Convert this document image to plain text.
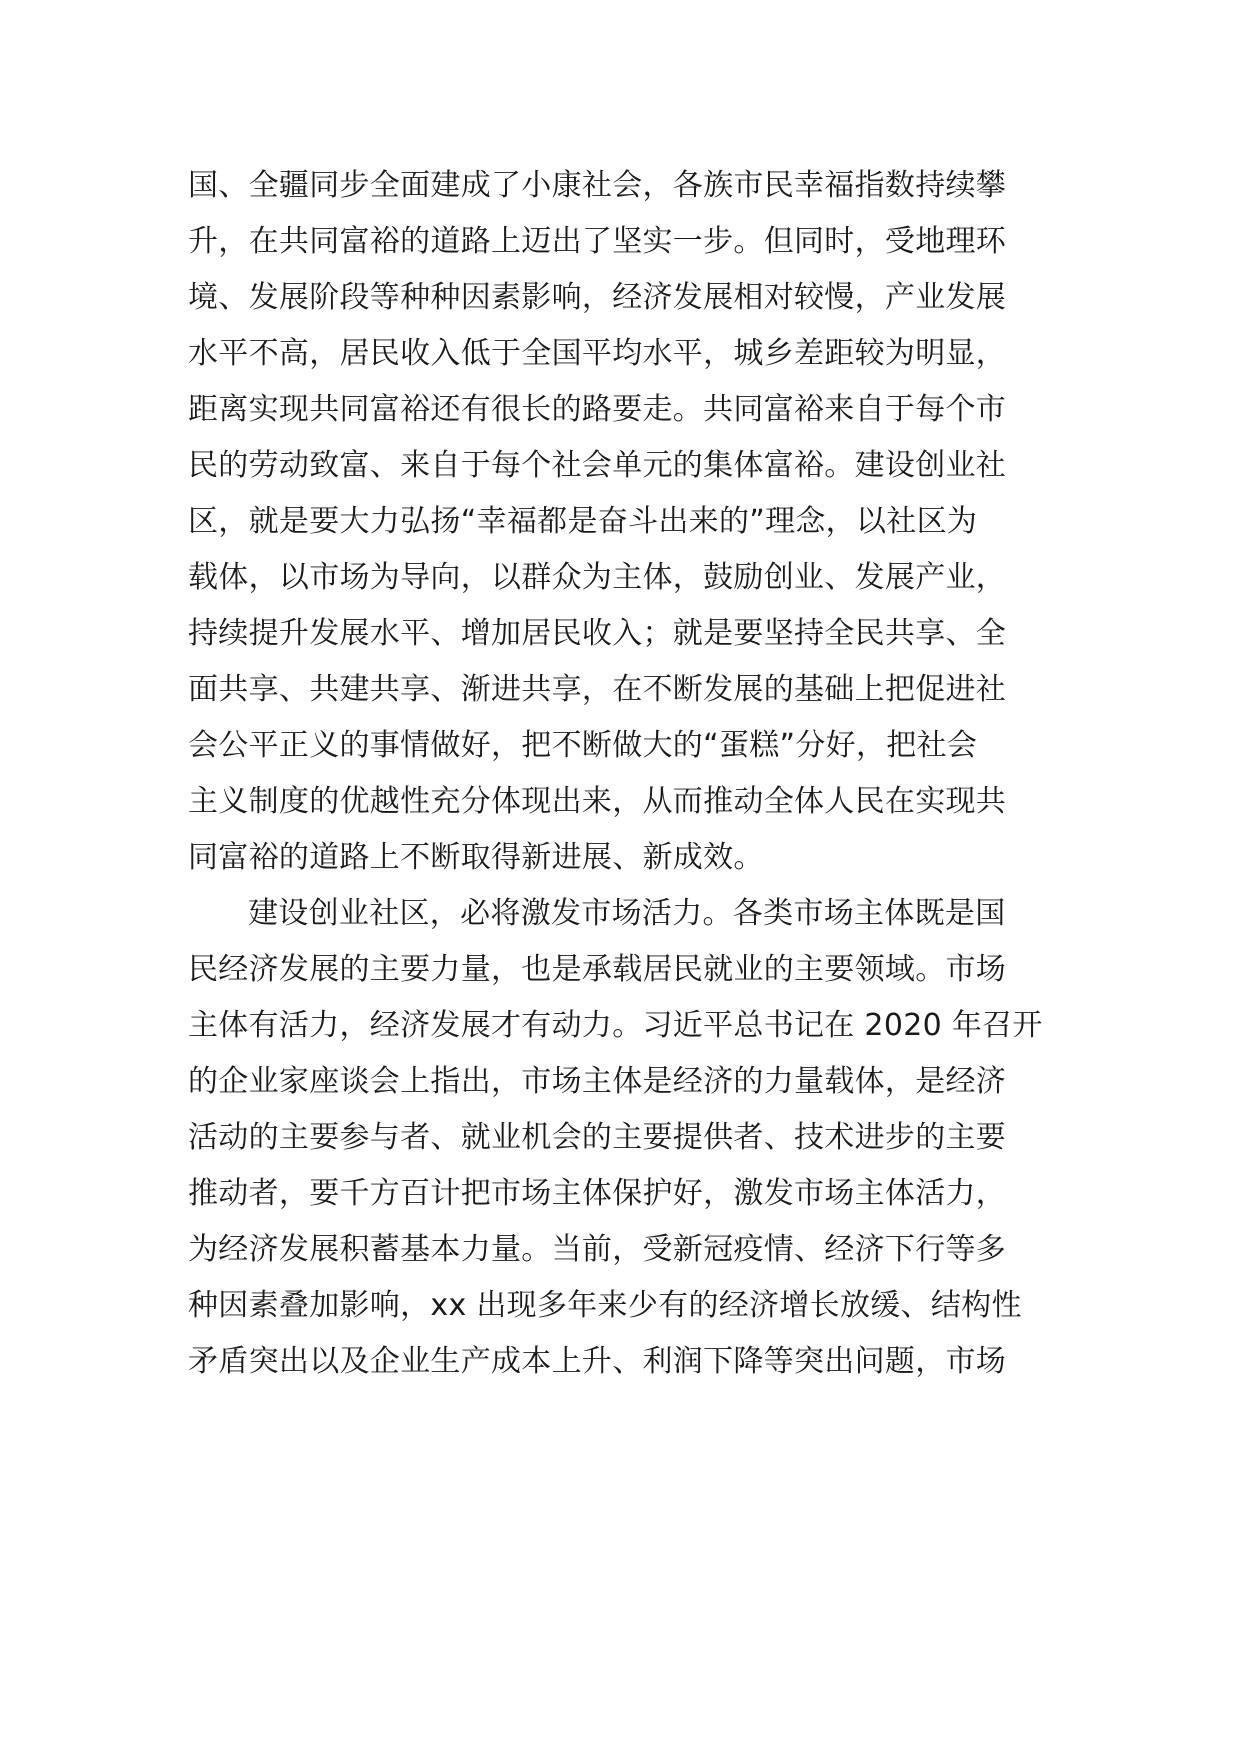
国、全疆同步全面建成了小康社会，各族市民幸福指数持续攀
升，在共同富裕的道路上迈出了坚实一步。但同时，受地理环
境、发展阶段等种种因素影响，经济发展相对较慢，产业发展
水平不高，居民收入低于全国平均水平，城乡差距较为明显，
距离实现共同富裕还有很长的路要走。共同富裕来自于每个市
民的劳动致富、来自于每个社会单元的集体富裕。建设创业社
区，就是要大力弘扬“幸福都是奋斗出来的”理念，以社区为
载体，以市场为导向，以群众为主体，鼓励创业、发展产业，
持续提升发展水平、增加居民收入；就是要坚持全民共享、全
面共享、共建共享、渐进共享，在不断发展的基础上把促进社
会公平正义的事情做好，把不断做大的“蛋糕”分好，把社会
主义制度的优越性充分体现出来，从而推动全体人民在实现共
同富裕的道路上不断取得新进展、新成效。
建设创业社区，必将激发市场活力。各类市场主体既是国
民经济发展的主要力量，也是承载居民就业的主要领域。市场
主体有活力，经济发展才有动力。习近平总书记在 2020 年召开
的企业家座谈会上指出，市场主体是经济的力量载体，是经济
活动的主要参与者、就业机会的主要提供者、技术进步的主要
推动者，要千方百计把市场主体保护好，激发市场主体活力，
为经济发展积蓄基本力量。当前，受新冠疫情、经济下行等多
种因素叠加影响，xx 出现多年来少有的经济增长放缓、结构性
矛盾突出以及企业生产成本上升、利润下降等突出问题，市场
